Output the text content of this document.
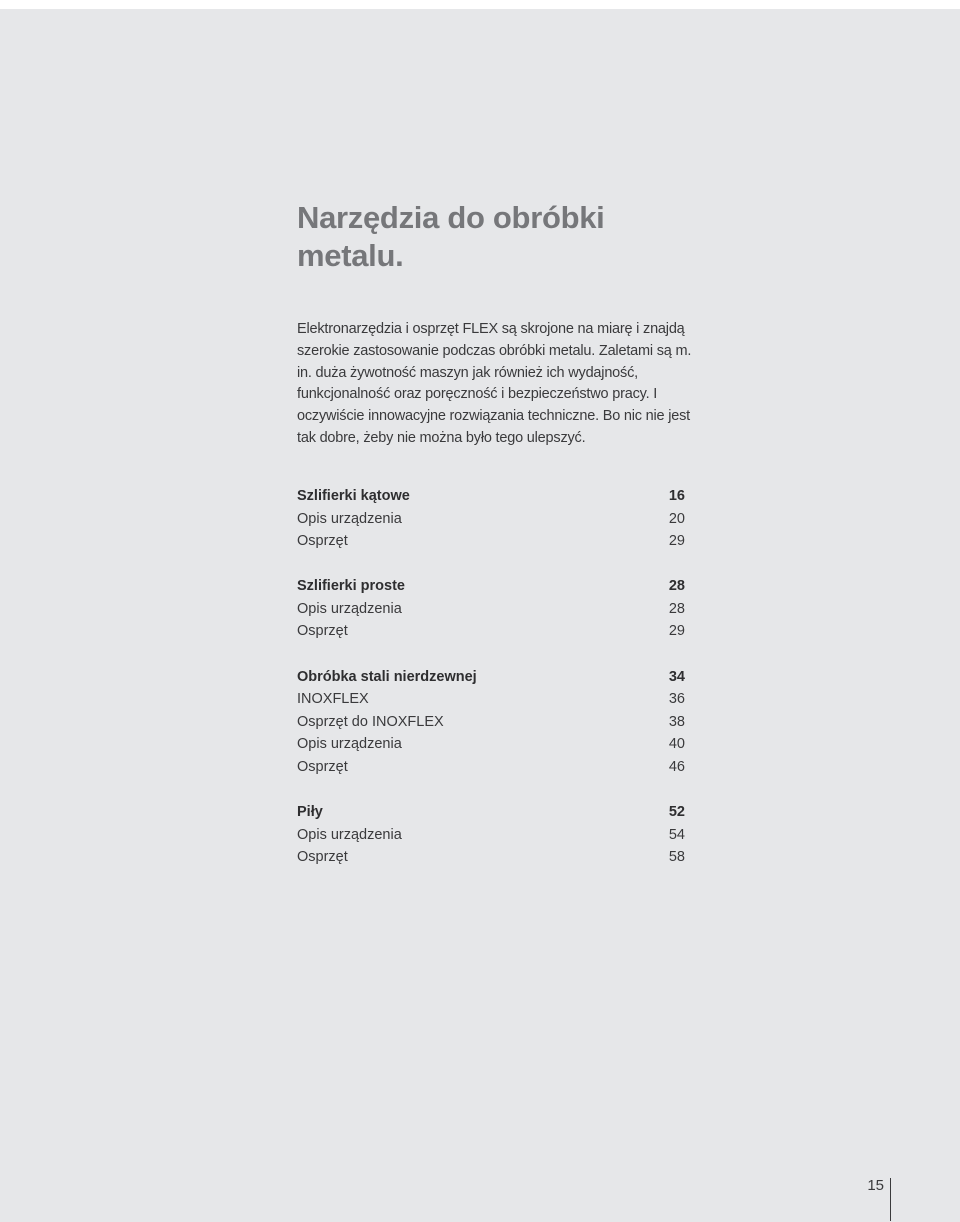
Narzędzia do obróbki metalu.

Elektronarzędzia i osprzęt FLEX są skrojone na miarę i znajdą szerokie zastosowanie podczas obróbki metalu. Zaletami są m. in. duża żywotność maszyn jak również ich wydajność, funkcjonalność oraz poręczność i bezpieczeństwo pracy. I oczywiście innowacyjne rozwiązania techniczne. Bo nic nie jest tak dobre, żeby nie można było tego ulepszyć.

Szlifierki kątowe	16
Opis urządzenia	20
Osprzęt	29
Szlifierki proste	28
Opis urządzenia	28
Osprzęt	29
Obróbka stali nierdzewnej	34
INOXFLEX	36
Osprzęt do INOXFLEX	38
Opis urządzenia	40
Osprzęt	46
Piły	52
Opis urządzenia	54
Osprzęt	58
15
